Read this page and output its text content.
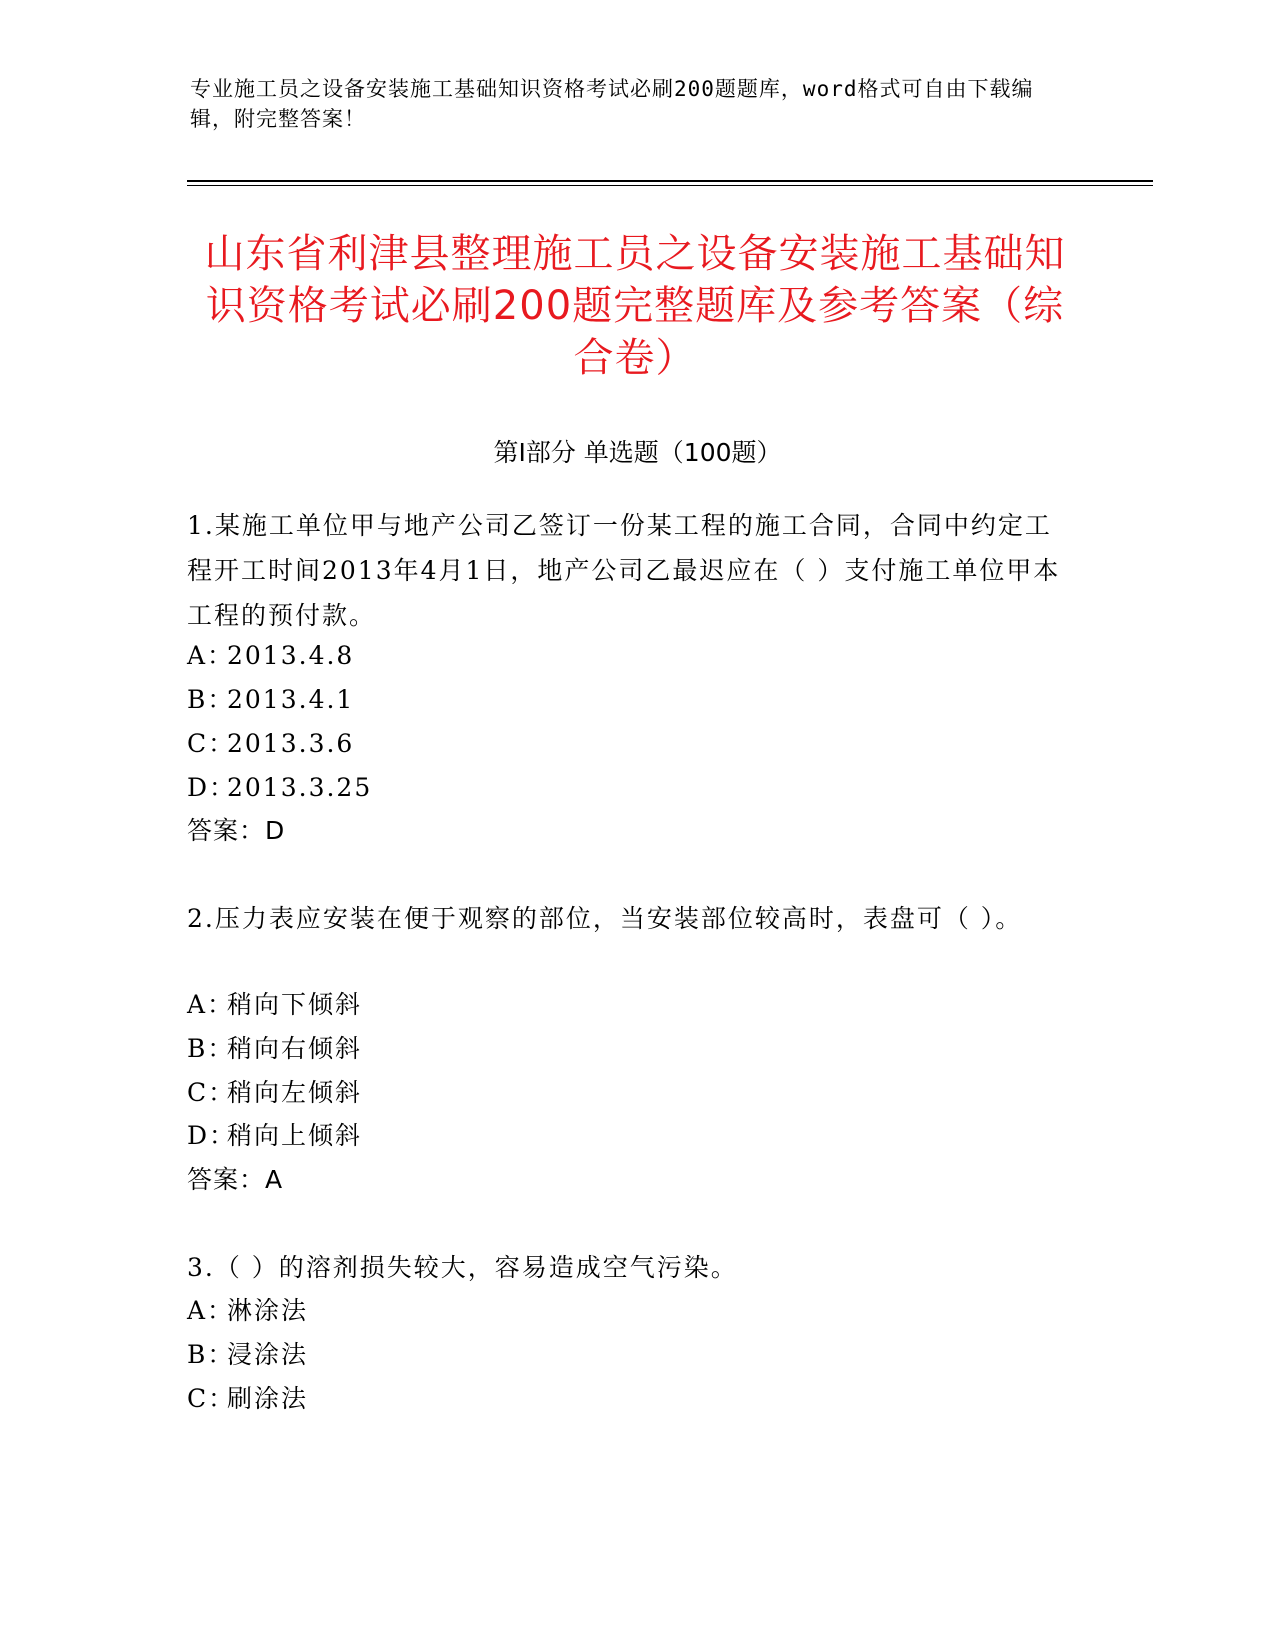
专业施工员之设备安装施工基础知识资格考试必刷200题题库，word格式可自由下载编辑，附完整答案！
山东省利津县整理施工员之设备安装施工基础知识资格考试必刷200题完整题库及参考答案（综合卷）
第I部分 单选题（100题）
1.某施工单位甲与地产公司乙签订一份某工程的施工合同，合同中约定工程开工时间2013年4月1日，地产公司乙最迟应在（ ）支付施工单位甲本工程的预付款。
A：2013.4.8
B：2013.4.1
C：2013.3.6
D：2013.3.25
答案：D
2.压力表应安装在便于观察的部位，当安装部位较高时，表盘可（ ）。
A：稍向下倾斜
B：稍向右倾斜
C：稍向左倾斜
D：稍向上倾斜
答案：A
3.（ ）的溶剂损失较大，容易造成空气污染。
A：淋涂法
B：浸涂法
C：刷涂法
